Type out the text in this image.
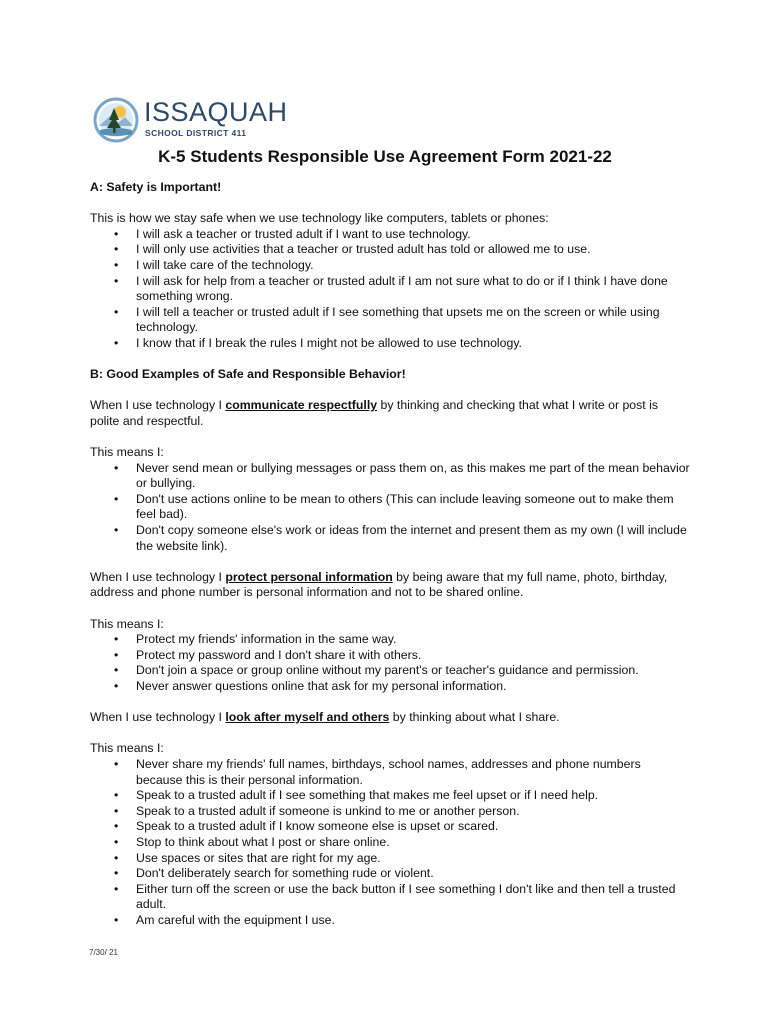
ISSAQUAH
SCHOOL DISTRICT 411
K-5 Students Responsible Use Agreement Form 2021-22
A: Safety is Important!

This is how we stay safe when we use technology like computers, tablets or phones:

• I will ask a teacher or trusted adult if I want to use technology.
• I will only use activities that a teacher or trusted adult has told or allowed me to use.
• I will take care of the technology.
• I will ask for help from a teacher or trusted adult if I am not sure what to do or if I think I have done something wrong.
• I will tell a teacher or trusted adult if I see something that upsets me on the screen or while using technology.
• I know that if I break the rules I might not be allowed to use technology.
B: Good Examples of Safe and Responsible Behavior!

When I use technology I communicate respectfully by thinking and checking that what I write or post is polite and respectful.

This means I:

• Never send mean or bullying messages or pass them on, as this makes me part of the mean behavior or bullying.
• Don't use actions online to be mean to others (This can include leaving someone out to make them feel bad).
• Don't copy someone else's work or ideas from the internet and present them as my own (I will include the website link).

When I use technology I protect personal information by being aware that my full name, photo, birthday, address and phone number is personal information and not to be shared online.

This means I:

• Protect my friends' information in the same way.
• Protect my password and I don't share it with others.
• Don't join a space or group online without my parent's or teacher's guidance and permission.
• Never answer questions online that ask for my personal information.

When I use technology I look after myself and others by thinking about what I share.

This means I:

• Never share my friends' full names, birthdays, school names, addresses and phone numbers because this is their personal information.
• Speak to a trusted adult if I see something that makes me feel upset or if I need help.
• Speak to a trusted adult if someone is unkind to me or another person.
• Speak to a trusted adult if I know someone else is upset or scared.
• Stop to think about what I post or share online.
• Use spaces or sites that are right for my age.
• Don't deliberately search for something rude or violent.
• Either turn off the screen or use the back button if I see something I don't like and then tell a trusted adult.
• Am careful with the equipment I use.
7/30/ 21
